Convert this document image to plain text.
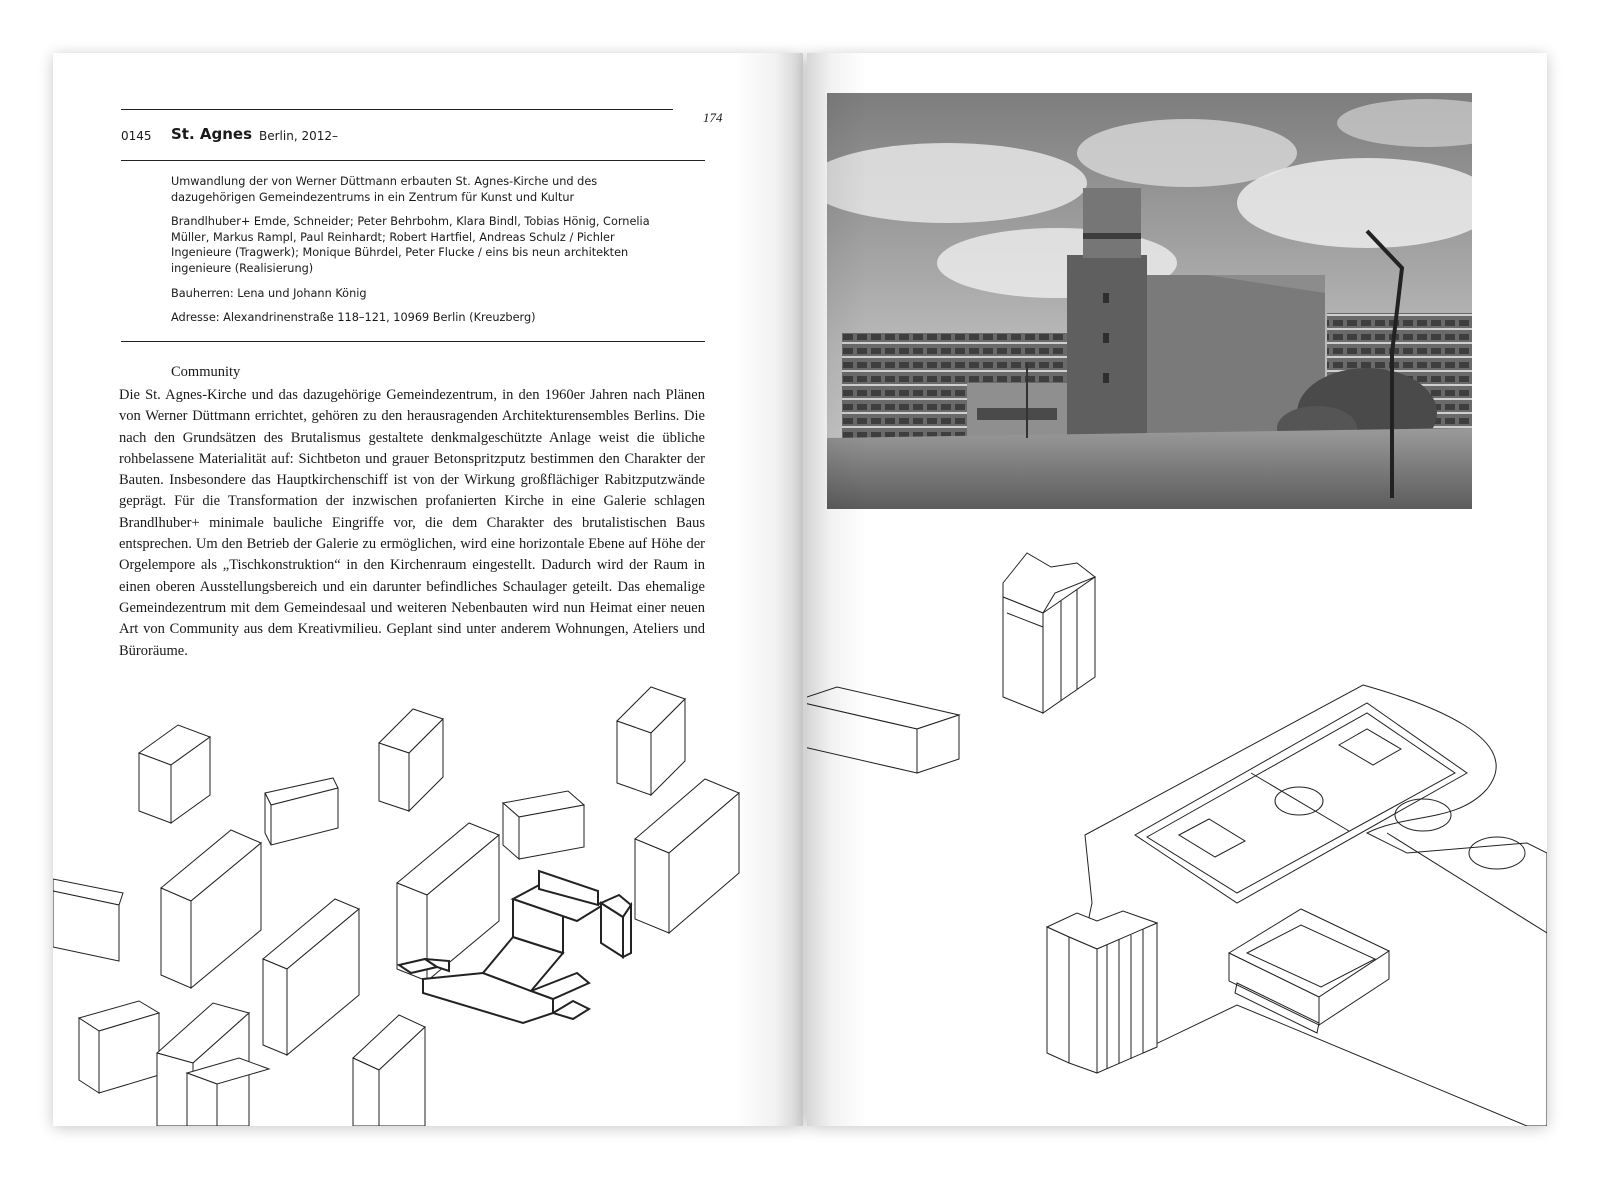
174
0145 St. Agnes Berlin, 2012–

Umwandlung der von Werner Düttmann erbauten St. Agnes-Kirche und des dazugehörigen Gemeindezentrums in ein Zentrum für Kunst und Kultur

Brandlhuber+ Emde, Schneider; Peter Behrbohm, Klara Bindl, Tobias Hönig, Cornelia Müller, Markus Rampl, Paul Reinhardt; Robert Hartfiel, Andreas Schulz / Pichler Ingenieure (Tragwerk); Monique Bührdel, Peter Flucke / eins bis neun architekten ingenieure (Realisierung)

Bauherren: Lena und Johann König

Adresse: Alexandrinenstraße 118–121, 10969 Berlin (Kreuzberg)

Community
Die St. Agnes-Kirche und das dazugehörige Gemeindezentrum, in den 1960er Jahren nach Plänen von Werner Düttmann errichtet, gehören zu den herausragenden Architekturensembles Berlins. Die nach den Grundsätzen des Brutalismus gestaltete denkmalgeschützte Anlage weist die übliche rohbelassene Materialität auf: Sichtbeton und grauer Betonspritzputz bestimmen den Charakter der Bauten. Insbesondere das Hauptkirchenschiff ist von der Wirkung großflächiger Rabitzputzwände geprägt. Für die Transformation der inzwischen profanierten Kirche in eine Galerie schlagen Brandlhuber+ minimale bauliche Eingriffe vor, die dem Charakter des brutalistischen Baus entsprechen. Um den Betrieb der Galerie zu ermöglichen, wird eine horizontale Ebene auf Höhe der Orgelempore als „Tischkonstruktion“ in den Kirchenraum eingestellt. Dadurch wird der Raum in einen oberen Ausstellungsbereich und ein darunter befindliches Schaulager geteilt. Das ehemalige Gemeindezentrum mit dem Gemeindesaal und weiteren Nebenbauten wird nun Heimat einer neuen Art von Community aus dem Kreativmilieu. Geplant sind unter anderem Wohnungen, Ateliers und Büroräume.
